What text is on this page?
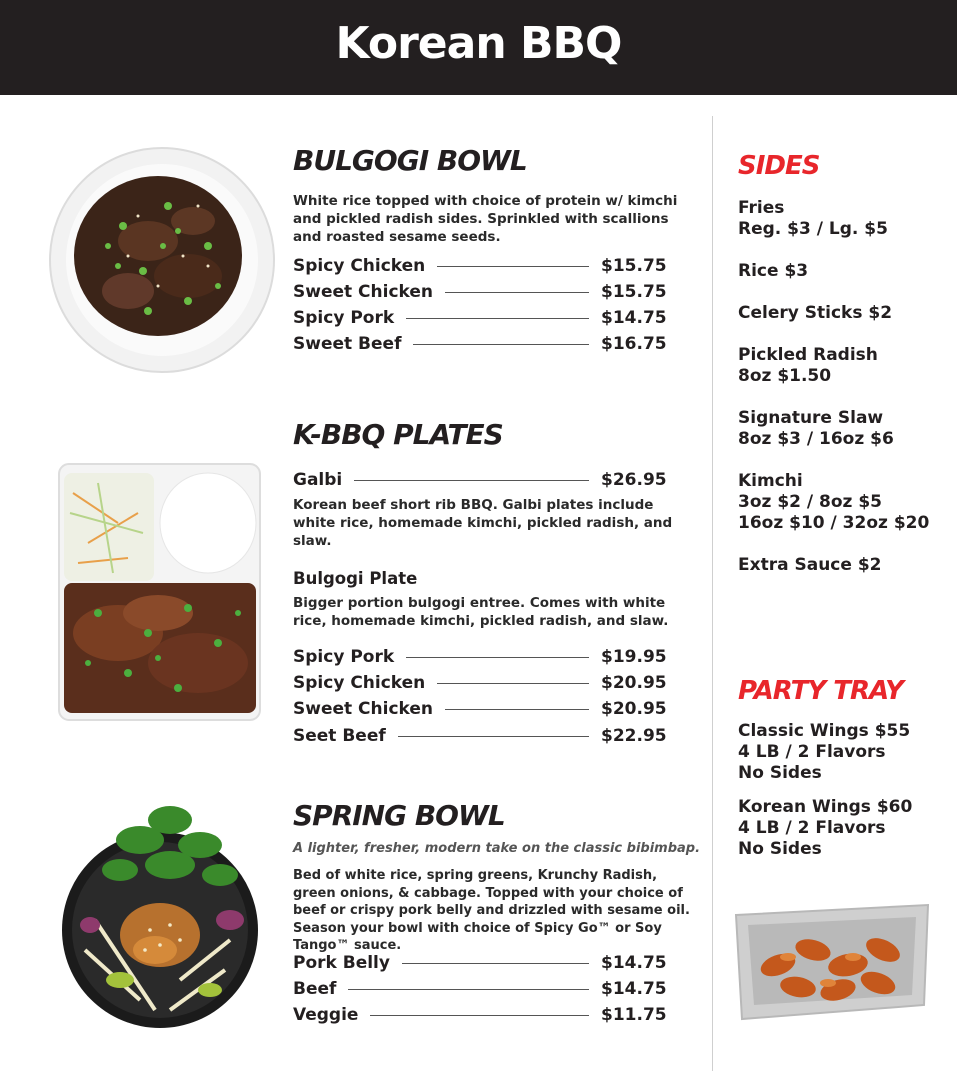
Korean BBQ
BULGOGI BOWL
White rice topped with choice of protein w/ kimchi and pickled radish sides. Sprinkled with scallions and roasted sesame seeds.
Spicy Chicken	$15.75
Sweet Chicken	$15.75
Spicy Pork	$14.75
Sweet Beef	$16.75
K-BBQ PLATES
Galbi	$26.95
Korean beef short rib BBQ. Galbi plates include white rice, homemade kimchi, pickled radish, and slaw.
Bulgogi Plate
Bigger portion bulgogi entree. Comes with white rice, homemade kimchi, pickled radish, and slaw.
Spicy Pork	$19.95
Spicy Chicken	$20.95
Sweet Chicken	$20.95
Seet Beef	$22.95
SPRING BOWL
A lighter, fresher, modern take on the classic bibimbap.
Bed of white rice, spring greens, Krunchy Radish, green onions, & cabbage. Topped with your choice of beef or crispy pork belly and drizzled with sesame oil. Season your bowl with choice of Spicy Go™ or Soy Tango™ sauce.
Pork Belly	$14.75
Beef	$14.75
Veggie	$11.75
SIDES
Fries
Reg. $3 / Lg. $5
Rice $3
Celery Sticks $2
Pickled Radish
8oz $1.50
Signature Slaw
8oz $3 / 16oz $6
Kimchi
3oz $2 / 8oz $5
16oz $10 / 32oz $20
Extra Sauce $2
PARTY TRAY
Classic Wings $55
4 LB / 2 Flavors
No Sides
Korean Wings $60
4 LB / 2 Flavors
No Sides
